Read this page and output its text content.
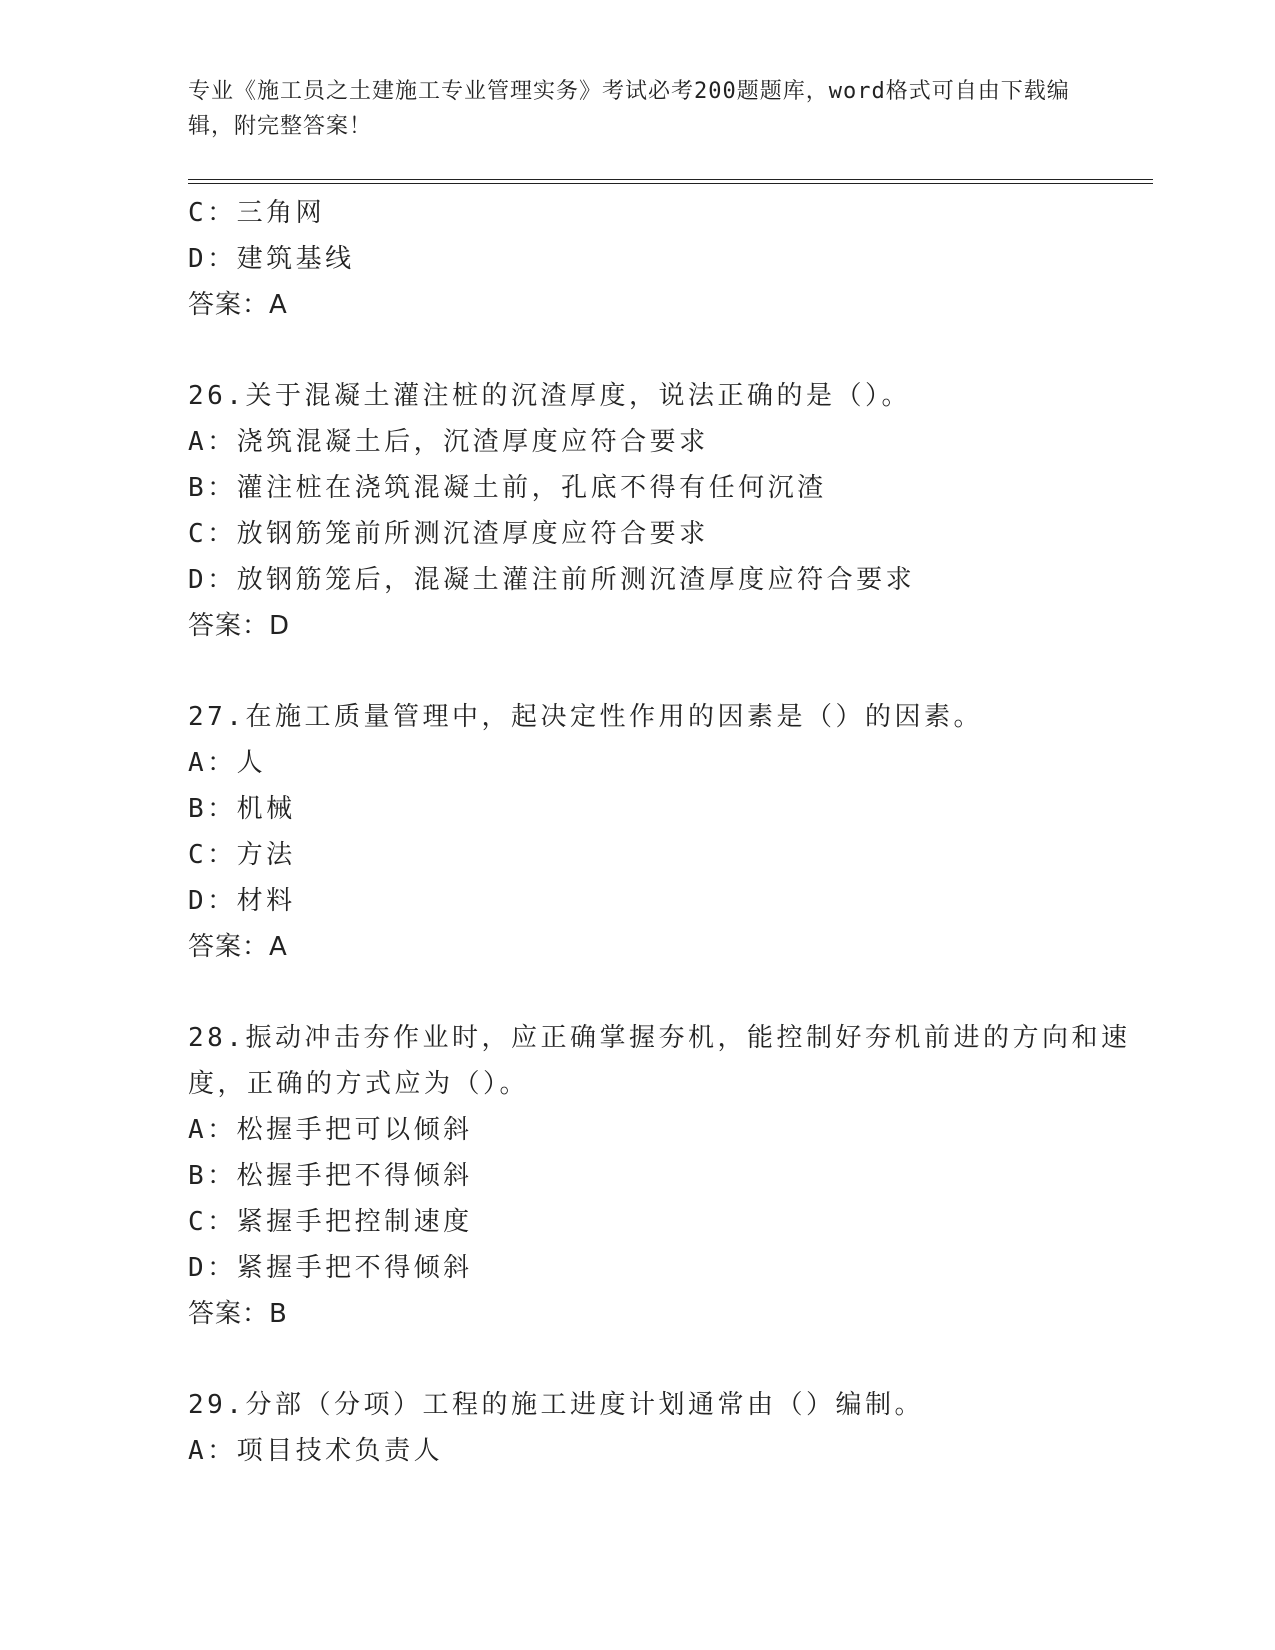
专业《施工员之土建施工专业管理实务》考试必考200题题库，word格式可自由下载编辑，附完整答案！
C：三角网
D：建筑基线
答案：A
26.关于混凝土灌注桩的沉渣厚度，说法正确的是（）。
A：浇筑混凝土后，沉渣厚度应符合要求
B：灌注桩在浇筑混凝土前，孔底不得有任何沉渣
C：放钢筋笼前所测沉渣厚度应符合要求
D：放钢筋笼后，混凝土灌注前所测沉渣厚度应符合要求
答案：D
27.在施工质量管理中，起决定性作用的因素是（）的因素。
A：人
B：机械
C：方法
D：材料
答案：A
28.振动冲击夯作业时，应正确掌握夯机，能控制好夯机前进的方向和速度，正确的方式应为（）。
A：松握手把可以倾斜
B：松握手把不得倾斜
C：紧握手把控制速度
D：紧握手把不得倾斜
答案：B
29.分部（分项）工程的施工进度计划通常由（）编制。
A：项目技术负责人
